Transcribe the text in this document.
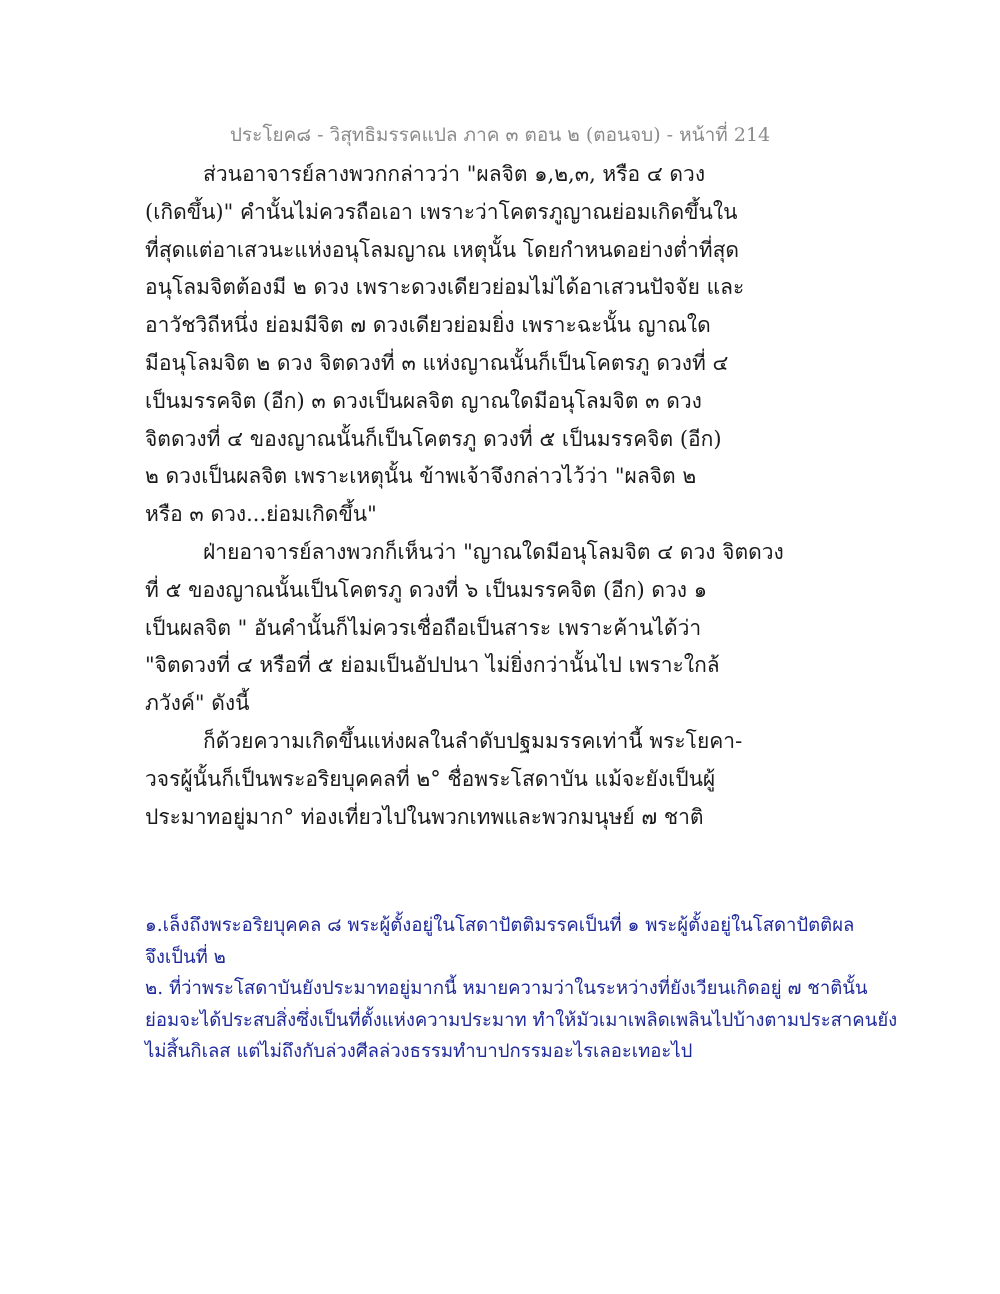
ประโยค๘ - วิสุทธิมรรคแปล ภาค ๓ ตอน ๒ (ตอนจบ) - หน้าที่ 214
ส่วนอาจารย์ลางพวกกล่าวว่า "ผลจิต ๑,๒,๓, หรือ ๔ ดวง
(เกิดขึ้น)" คำนั้นไม่ควรถือเอา เพราะว่าโคตรภูญาณย่อมเกิดขึ้นใน
ที่สุดแต่อาเสวนะแห่งอนุโลมญาณ เหตุนั้น โดยกำหนดอย่างต่ำที่สุด
อนุโลมจิตต้องมี ๒ ดวง เพราะดวงเดียวย่อมไม่ได้อาเสวนปัจจัย และ
อาวัชวิถีหนึ่ง ย่อมมีจิต ๗ ดวงเดียวย่อมยิ่ง เพราะฉะนั้น ญาณใด
มีอนุโลมจิต ๒ ดวง จิตดวงที่ ๓ แห่งญาณนั้นก็เป็นโคตรภู ดวงที่ ๔
เป็นมรรคจิต (อีก) ๓ ดวงเป็นผลจิต ญาณใดมีอนุโลมจิต ๓ ดวง
จิตดวงที่ ๔ ของญาณนั้นก็เป็นโคตรภู ดวงที่ ๕ เป็นมรรคจิต (อีก)
๒ ดวงเป็นผลจิต เพราะเหตุนั้น ข้าพเจ้าจึงกล่าวไว้ว่า "ผลจิต ๒
หรือ ๓ ดวง...ย่อมเกิดขึ้น"
ฝ่ายอาจารย์ลางพวกก็เห็นว่า "ญาณใดมีอนุโลมจิต ๔ ดวง จิตดวง
ที่ ๕ ของญาณนั้นเป็นโคตรภู ดวงที่ ๖ เป็นมรรคจิต (อีก) ดวง ๑
เป็นผลจิต " อันคำนั้นก็ไม่ควรเชื่อถือเป็นสาระ เพราะค้านได้ว่า
"จิตดวงที่ ๔ หรือที่ ๕ ย่อมเป็นอัปปนา ไม่ยิ่งกว่านั้นไป เพราะใกล้
ภวังค์" ดังนี้
ก็ด้วยความเกิดขึ้นแห่งผลในลำดับปฐมมรรคเท่านี้ พระโยคา-
วจรผู้นั้นก็เป็นพระอริยบุคคลที่ ๒° ชื่อพระโสดาบัน แม้จะยังเป็นผู้
ประมาทอยู่มาก° ท่องเที่ยวไปในพวกเทพและพวกมนุษย์ ๗ ชาติ
๑.เล็งถึงพระอริยบุคคล ๘ พระผู้ตั้งอยู่ในโสดาปัตติมรรคเป็นที่ ๑ พระผู้ตั้งอยู่ในโสดาปัตติผล
จึงเป็นที่ ๒
๒. ที่ว่าพระโสดาบันยังประมาทอยู่มากนี้ หมายความว่าในระหว่างที่ยังเวียนเกิดอยู่ ๗ ชาตินั้น
ย่อมจะได้ประสบสิ่งซึ่งเป็นที่ตั้งแห่งความประมาท ทำให้มัวเมาเพลิดเพลินไปบ้างตามประสาคนยัง
ไม่สิ้นกิเลส แต่ไม่ถึงกับล่วงศีลล่วงธรรมทำบาปกรรมอะไรเลอะเทอะไป
